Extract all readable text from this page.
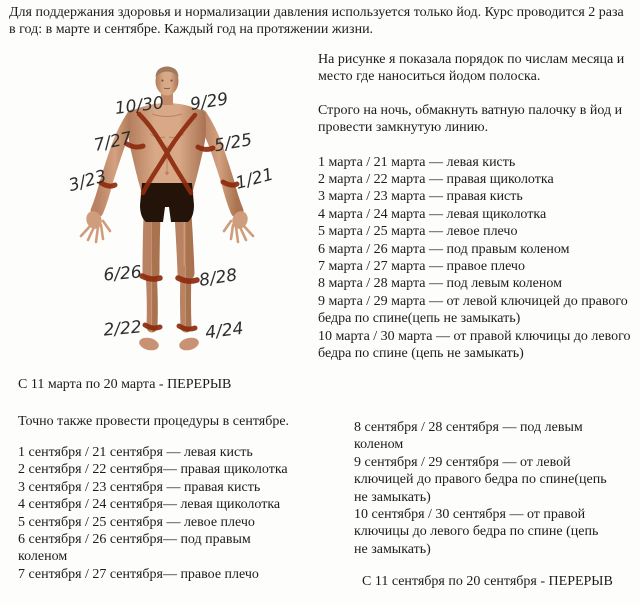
Для поддержания здоровья и нормализации давления используется только йод. Курс проводится 2 раза в год: в марте и сентябре. Каждый год на протяжении жизни.

10/30 9/29
7/27	5/25
3/23	1/21
6/26	8/28
2/22	4/24

На рисунке я показала порядок по числам месяца и место где наноситься йодом полоска.

Строго на ночь, обмакнуть ватную палочку в йод и провести замкнутую линию.

1 марта / 21 марта — левая кисть
2 марта / 22 марта — правая щиколотка
3 марта / 23 марта — правая кисть
4 марта / 24 марта — левая щиколотка
5 марта / 25 марта — левое плечо
6 марта / 26 марта — под правым коленом
7 марта / 27 марта — правое плечо
8 марта / 28 марта — под левым коленом
9 марта / 29 марта — от левой ключицей до правого бедра по спине(цепь не замыкать)
10 марта / 30 марта — от правой ключицы до левого бедра по спине (цепь не замыкать)

С 11 марта по 20 марта - ПЕРЕРЫВ

Точно также провести процедуры в сентябре.

1 сентября / 21 сентября — левая кисть
2 сентября / 22 сентября— правая щиколотка
3 сентября / 23 сентября — правая кисть
4 сентября / 24 сентября— левая щиколотка
5 сентября / 25 сентября — левое плечо
6 сентября / 26 сентября— под правым коленом
7 сентября / 27 сентября— правое плечо
8 сентября / 28 сентября — под левым коленом
9 сентября / 29 сентября — от левой ключицей до правого бедра по спине(цепь не замыкать)
10 сентября / 30 сентября — от правой ключицы до левого бедра по спине (цепь не замыкать)

С 11 сентября по 20 сентября - ПЕРЕРЫВ
